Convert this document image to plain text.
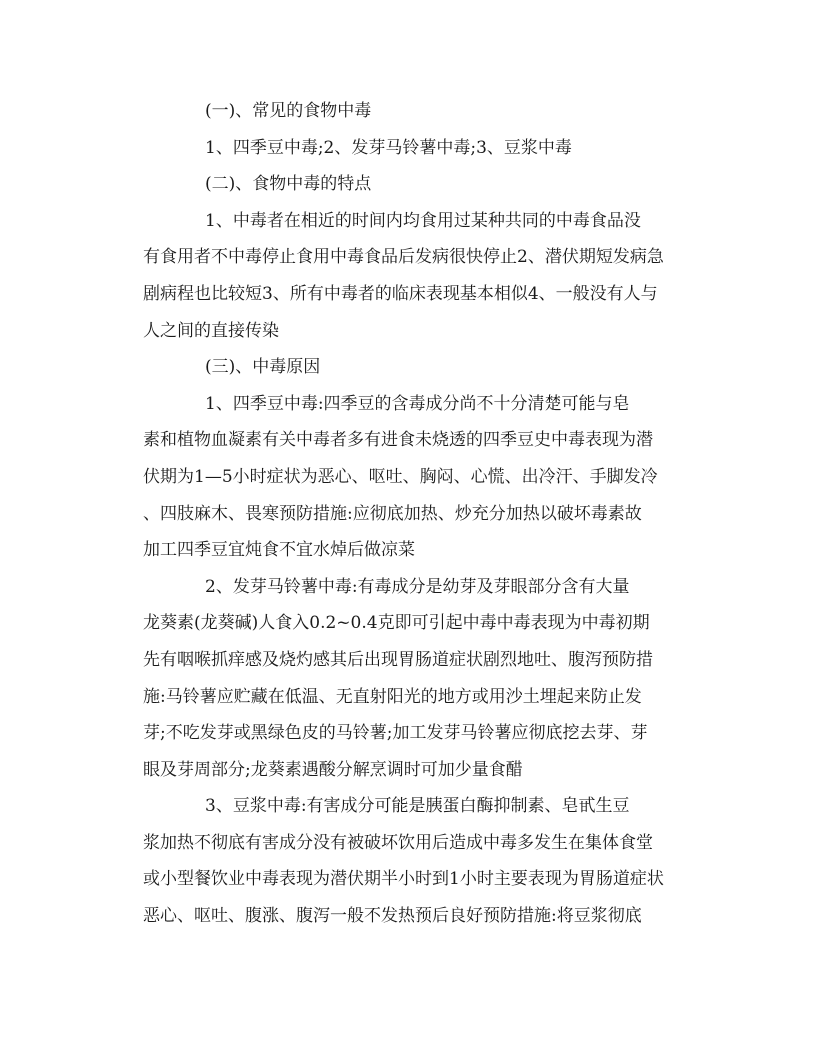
(一)、常见的食物中毒
1、四季豆中毒;2、发芽马铃薯中毒;3、豆浆中毒
(二)、食物中毒的特点
1、中毒者在相近的时间内均食用过某种共同的中毒食品没
有食用者不中毒停止食用中毒食品后发病很快停止2、潜伏期短发病急
剧病程也比较短3、所有中毒者的临床表现基本相似4、一般没有人与
人之间的直接传染
(三)、中毒原因
1、四季豆中毒:四季豆的含毒成分尚不十分清楚可能与皂
素和植物血凝素有关中毒者多有进食未烧透的四季豆史中毒表现为潜
伏期为1—5小时症状为恶心、呕吐、胸闷、心慌、出冷汗、手脚发冷
、四肢麻木、畏寒预防措施:应彻底加热、炒充分加热以破坏毒素故
加工四季豆宜炖食不宜水焯后做凉菜
2、发芽马铃薯中毒:有毒成分是幼芽及芽眼部分含有大量
龙葵素(龙葵碱)人食入0.2~0.4克即可引起中毒中毒表现为中毒初期
先有咽喉抓痒感及烧灼感其后出现胃肠道症状剧烈地吐、腹泻预防措
施:马铃薯应贮藏在低温、无直射阳光的地方或用沙土埋起来防止发
芽;不吃发芽或黑绿色皮的马铃薯;加工发芽马铃薯应彻底挖去芽、芽
眼及芽周部分;龙葵素遇酸分解烹调时可加少量食醋
3、豆浆中毒:有害成分可能是胰蛋白酶抑制素、皂甙生豆
浆加热不彻底有害成分没有被破坏饮用后造成中毒多发生在集体食堂
或小型餐饮业中毒表现为潜伏期半小时到1小时主要表现为胃肠道症状
恶心、呕吐、腹涨、腹泻一般不发热预后良好预防措施:将豆浆彻底
